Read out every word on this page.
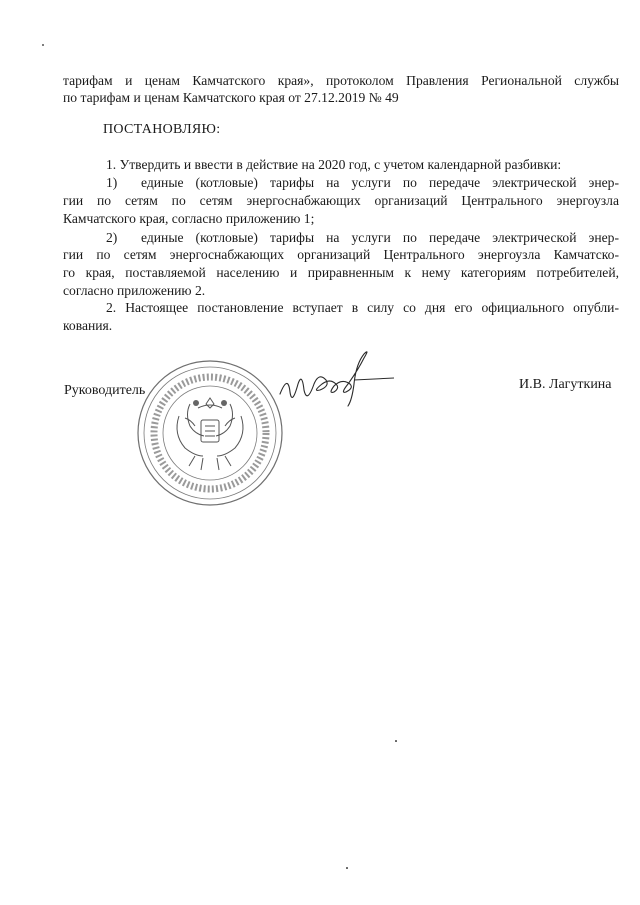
тарифам и ценам Камчатского края», протоколом Правления Региональной службы
по тарифам и ценам Камчатского края от 27.12.2019 № 49
ПОСТАНОВЛЯЮ:
1. Утвердить и ввести в действие на 2020 год, с учетом календарной разбивки:
1) единые (котловые) тарифы на услуги по передаче электрической энер-
гии по сетям по сетям энергоснабжающих организаций Центрального энергоузла
Камчатского края, согласно приложению 1;
2) единые (котловые) тарифы на услуги по передаче электрической энер-
гии по сетям энергоснабжающих организаций Центрального энергоузла Камчатско-
го края, поставляемой населению и приравненным к нему категориям потребителей,
согласно приложению 2.
2. Настоящее постановление вступает в силу со дня его официального опубли-
кования.
Руководитель	И.В. Лагуткина
